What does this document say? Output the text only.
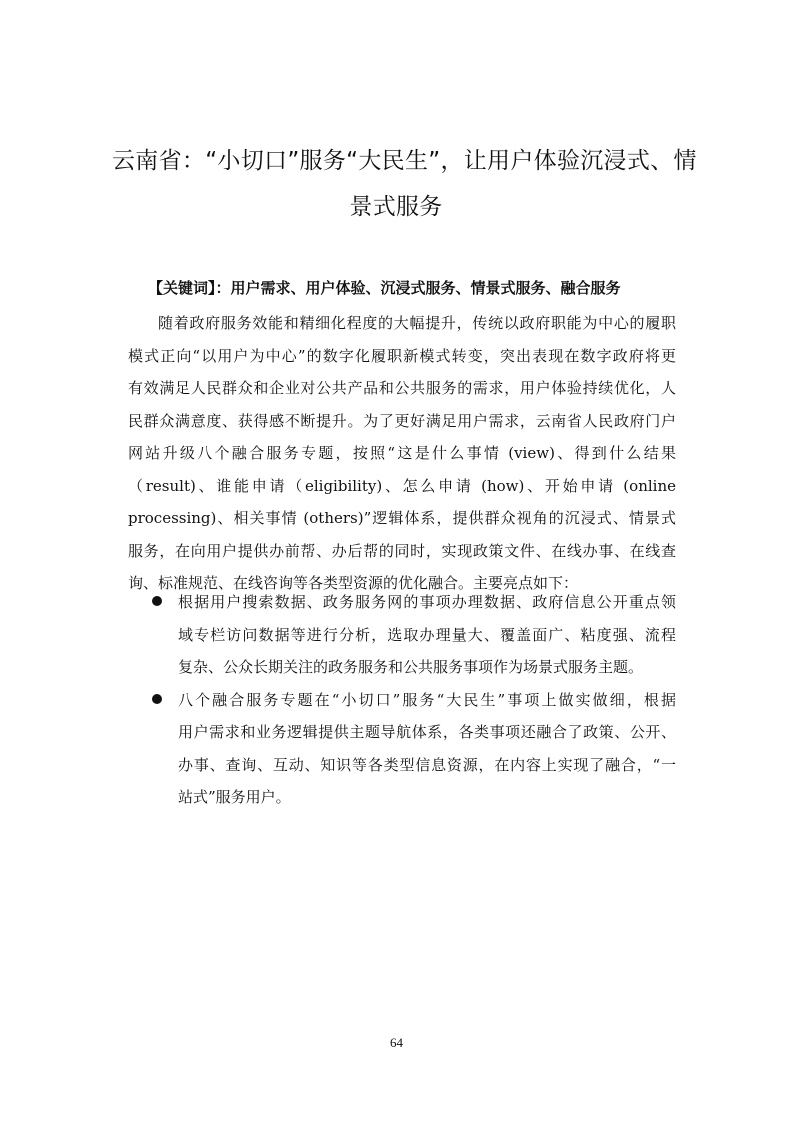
云南省：“小切口”服务“大民生”，让用户体验沉浸式、情
景式服务
【关键词】：用户需求、用户体验、沉浸式服务、情景式服务、融合服务
随着政府服务效能和精细化程度的大幅提升，传统以政府职能为中心的履职
模式正向“以用户为中心”的数字化履职新模式转变，突出表现在数字政府将更
有效满足人民群众和企业对公共产品和公共服务的需求，用户体验持续优化，人
民群众满意度、获得感不断提升。为了更好满足用户需求，云南省人民政府门户
网站升级八个融合服务专题，按照“这是什么事情 (view)、得到什么结果
（result)、谁能申请（eligibility)、怎么申请 (how)、开始申请 (online
processing)、相关事情 (others)”逻辑体系，提供群众视角的沉浸式、情景式
服务，在向用户提供办前帮、办后帮的同时，实现政策文件、在线办事、在线查
询、标准规范、在线咨询等各类型资源的优化融合。主要亮点如下：
根据用户搜索数据、政务服务网的事项办理数据、政府信息公开重点领
域专栏访问数据等进行分析，选取办理量大、覆盖面广、粘度强、流程
复杂、公众长期关注的政务服务和公共服务事项作为场景式服务主题。
八个融合服务专题在“小切口”服务“大民生”事项上做实做细，根据
用户需求和业务逻辑提供主题导航体系，各类事项还融合了政策、公开、
办事、查询、互动、知识等各类型信息资源，在内容上实现了融合，“一
站式”服务用户。
64
